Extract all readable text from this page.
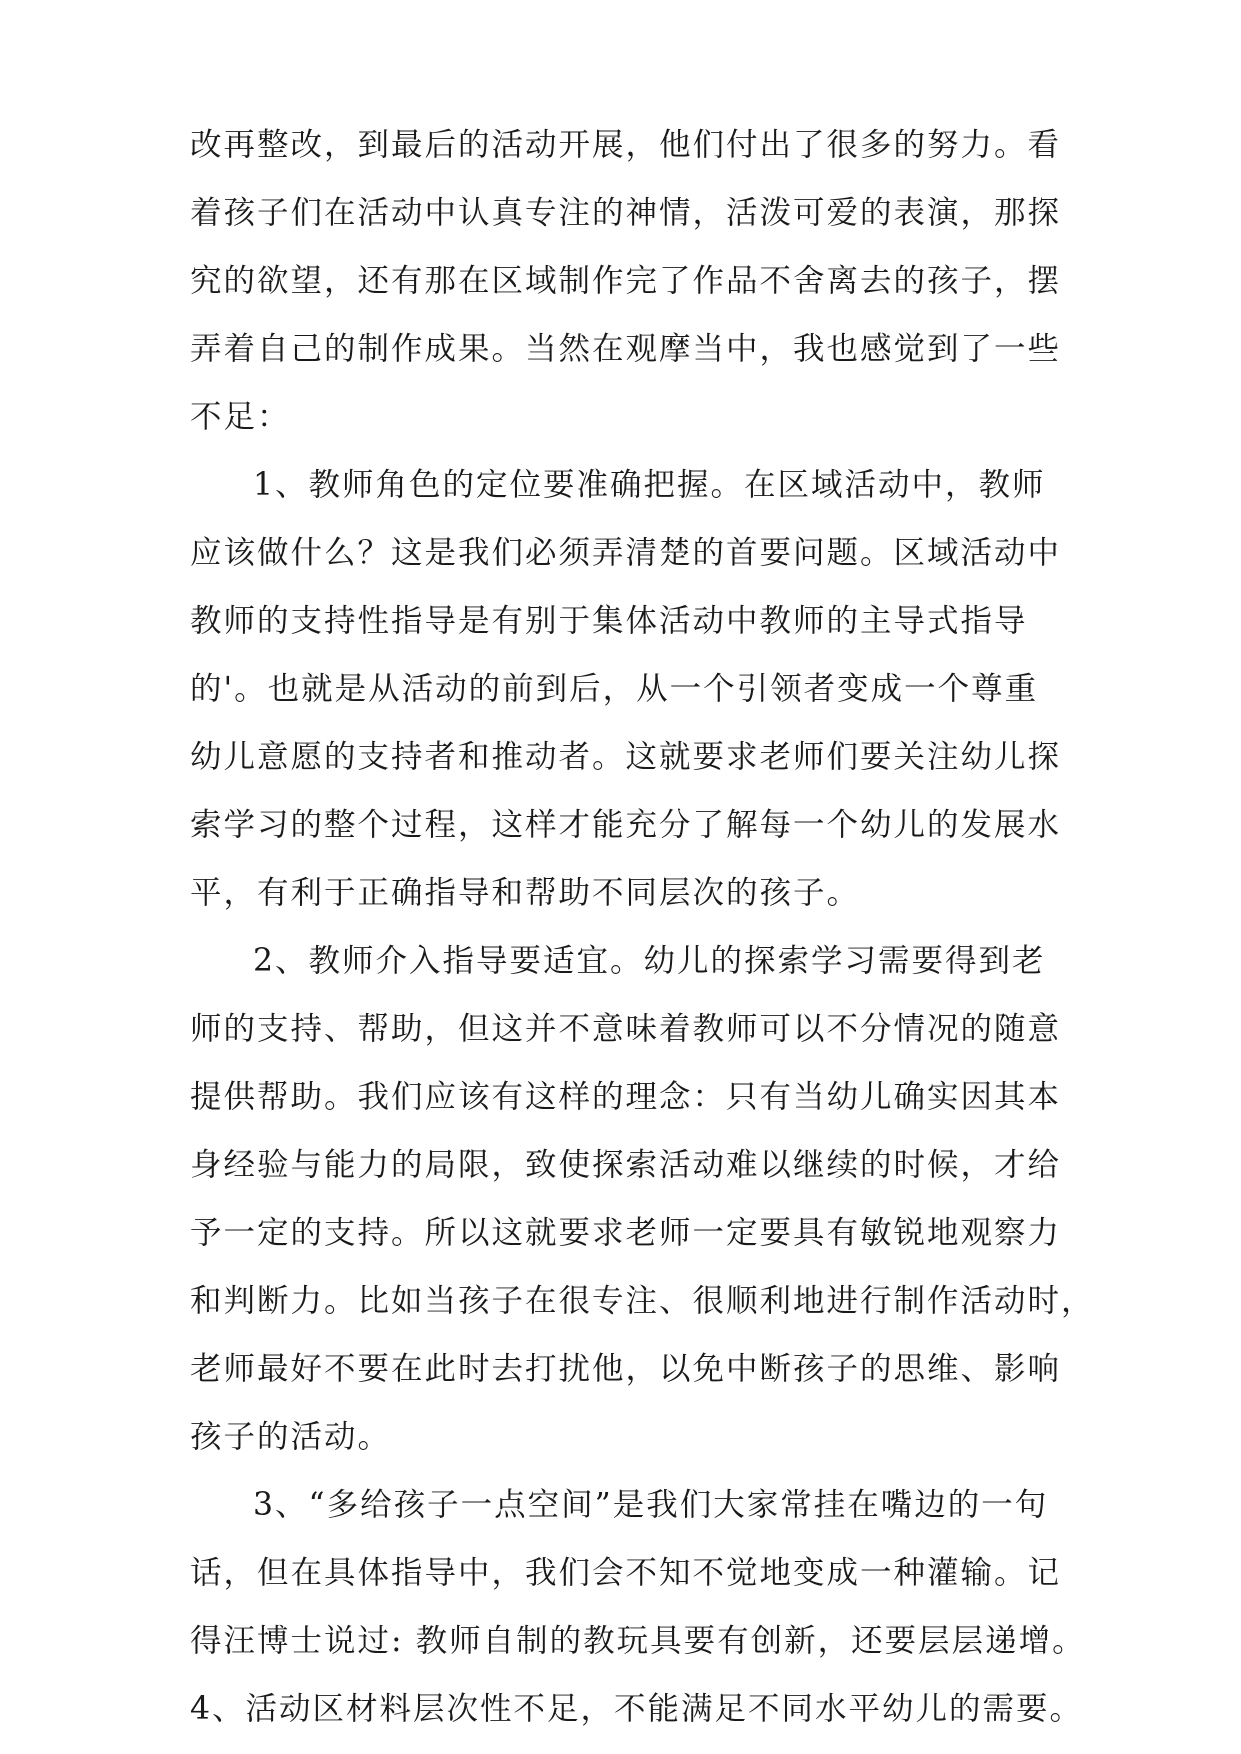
改再整改，到最后的活动开展，他们付出了很多的努力。看
着孩子们在活动中认真专注的神情，活泼可爱的表演，那探
究的欲望，还有那在区域制作完了作品不舍离去的孩子，摆
弄着自己的制作成果。当然在观摩当中，我也感觉到了一些
不足：
1、教师角色的定位要准确把握。在区域活动中，教师
应该做什么？这是我们必须弄清楚的首要问题。区域活动中
教师的支持性指导是有别于集体活动中教师的主导式指导
的'。也就是从活动的前到后，从一个引领者变成一个尊重
幼儿意愿的支持者和推动者。这就要求老师们要关注幼儿探
索学习的整个过程，这样才能充分了解每一个幼儿的发展水
平，有利于正确指导和帮助不同层次的孩子。
2、教师介入指导要适宜。幼儿的探索学习需要得到老
师的支持、帮助，但这并不意味着教师可以不分情况的随意
提供帮助。我们应该有这样的理念：只有当幼儿确实因其本
身经验与能力的局限，致使探索活动难以继续的时候，才给
予一定的支持。所以这就要求老师一定要具有敏锐地观察力
和判断力。比如当孩子在很专注、很顺利地进行制作活动时，
老师最好不要在此时去打扰他，以免中断孩子的思维、影响
孩子的活动。
3、“多给孩子一点空间”是我们大家常挂在嘴边的一句
话，但在具体指导中，我们会不知不觉地变成一种灌输。记
得汪博士说过: 教师自制的教玩具要有创新，还要层层递增。
4、活动区材料层次性不足，不能满足不同水平幼儿的需要。
